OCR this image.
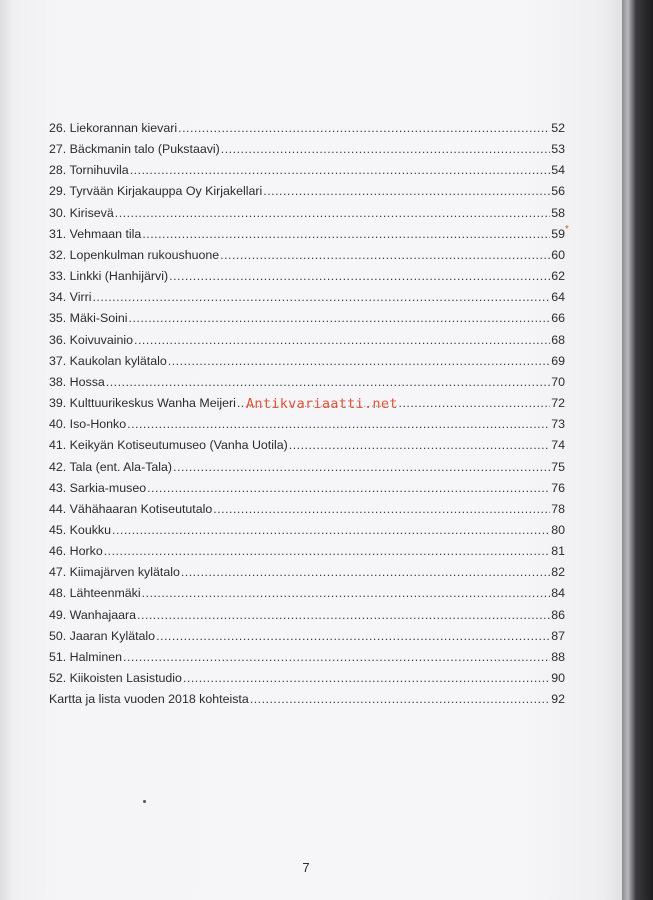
26. Liekorannan kievari .....	52
27. Bäckmanin talo (Pukstaavi) .....	53
28. Tornihuvila .....	54
29. Tyrvään Kirjakauppa Oy Kirjakellari .....	56
30. Kirisevä .....	58
31. Vehmaan tila .....	59
32. Lopenkulman rukoushuone .....	60
33. Linkki (Hanhijärvi) .....	62
34. Virri .....	64
35. Mäki-Soini .....	66
36. Koivuvainio .....	68
37. Kaukolan kylätalo .....	69
38. Hossa .....	70
39. Kulttuurikeskus Wanha Meijeri .....	72
40. Iso-Honko .....	73
41. Keikyän Kotiseutumuseo (Vanha Uotila) .....	74
42. Tala (ent. Ala-Tala) .....	75
43. Sarkia-museo .....	76
44. Vähähaaran Kotiseututalo .....	78
45. Koukku .....	80
46. Horko .....	81
47. Kiimajärven kylätalo .....	82
48. Lähteenmäki .....	84
49. Wanhajaara .....	86
50. Jaaran Kylätalo .....	87
51. Halminen .....	88
52. Kiikoisten Lasistudio .....	90
Kartta ja lista vuoden 2018 kohteista .....	92
Antikvariaatti.net
*
7
